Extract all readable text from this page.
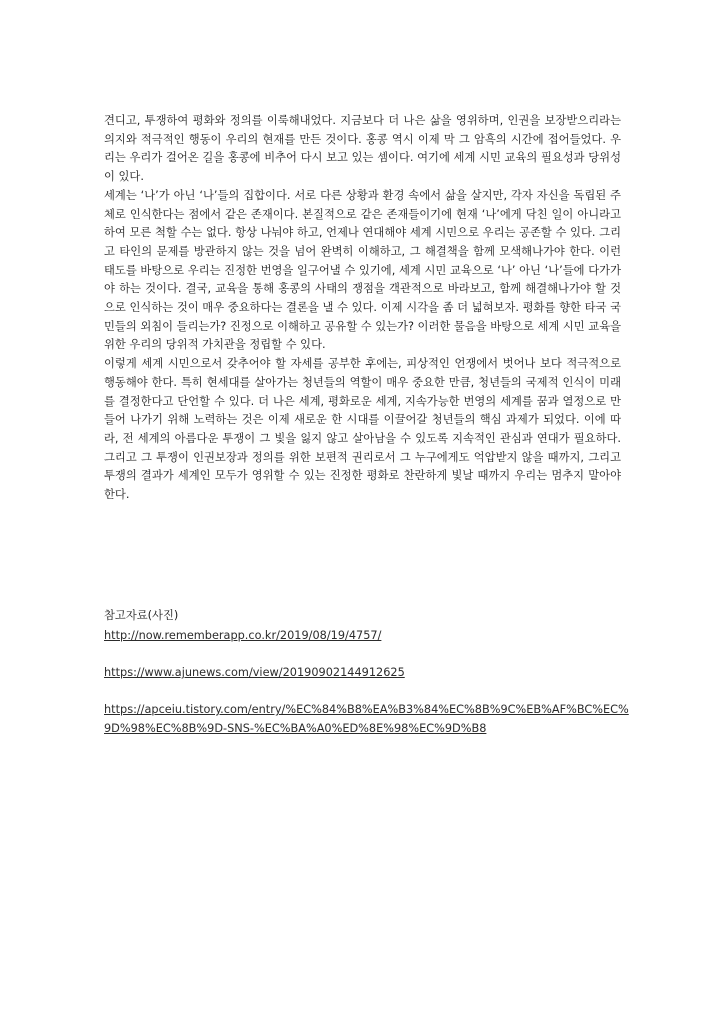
견디고, 투쟁하여 평화와 정의를 이룩해내었다. 지금보다 더 나은 삶을 영위하며, 인권을 보장받으리라는 의지와 적극적인 행동이 우리의 현재를 만든 것이다. 홍콩 역시 이제 막 그 암흑의 시간에 접어들었다. 우리는 우리가 걸어온 길을 홍콩에 비추어 다시 보고 있는 셈이다. 여기에 세계 시민 교육의 필요성과 당위성이 있다.

세계는 ‘나’가 아닌 ‘나’들의 집합이다. 서로 다른 상황과 환경 속에서 삶을 살지만, 각자 자신을 독립된 주체로 인식한다는 점에서 같은 존재이다. 본질적으로 같은 존재들이기에 현재 ‘나’에게 닥친 일이 아니라고 하여 모른 척할 수는 없다. 항상 나눠야 하고, 언제나 연대해야 세계 시민으로 우리는 공존할 수 있다. 그리고 타인의 문제를 방관하지 않는 것을 넘어 완벽히 이해하고, 그 해결책을 함께 모색해나가야 한다. 이런 태도를 바탕으로 우리는 진정한 번영을 일구어낼 수 있기에, 세계 시민 교육으로 ‘나’ 아닌 ‘나’들에 다가가야 하는 것이다. 결국, 교육을 통해 홍콩의 사태의 쟁점을 객관적으로 바라보고, 함께 해결해나가야 할 것으로 인식하는 것이 매우 중요하다는 결론을 낼 수 있다. 이제 시각을 좀 더 넓혀보자. 평화를 향한 타국 국민들의 외침이 들리는가? 진정으로 이해하고 공유할 수 있는가? 이러한 물음을 바탕으로 세계 시민 교육을 위한 우리의 당위적 가치관을 정립할 수 있다.

이렇게 세계 시민으로서 갖추어야 할 자세를 공부한 후에는, 피상적인 언쟁에서 벗어나 보다 적극적으로 행동해야 한다. 특히 현세대를 살아가는 청년들의 역할이 매우 중요한 만큼, 청년들의 국제적 인식이 미래를 결정한다고 단언할 수 있다. 더 나은 세계, 평화로운 세계, 지속가능한 번영의 세계를 꿈과 열정으로 만들어 나가기 위해 노력하는 것은 이제 새로운 한 시대를 이끌어갈 청년들의 핵심 과제가 되었다. 이에 따라, 전 세계의 아름다운 투쟁이 그 빛을 잃지 않고 살아남을 수 있도록 지속적인 관심과 연대가 필요하다. 그리고 그 투쟁이 인권보장과 정의를 위한 보편적 권리로서 그 누구에게도 억압받지 않을 때까지, 그리고 투쟁의 결과가 세계인 모두가 영위할 수 있는 진정한 평화로 찬란하게 빛날 때까지 우리는 멈추지 말아야 한다.

참고자료(사진)
http://now.rememberapp.co.kr/2019/08/19/4757/
https://www.ajunews.com/view/20190902144912625
https://apceiu.tistory.com/entry/%EC%84%B8%EA%B3%84%EC%8B%9C%EB%AF%BC%EC%9D%98%EC%8B%9D-SNS-%EC%BA%A0%ED%8E%98%EC%9D%B8
